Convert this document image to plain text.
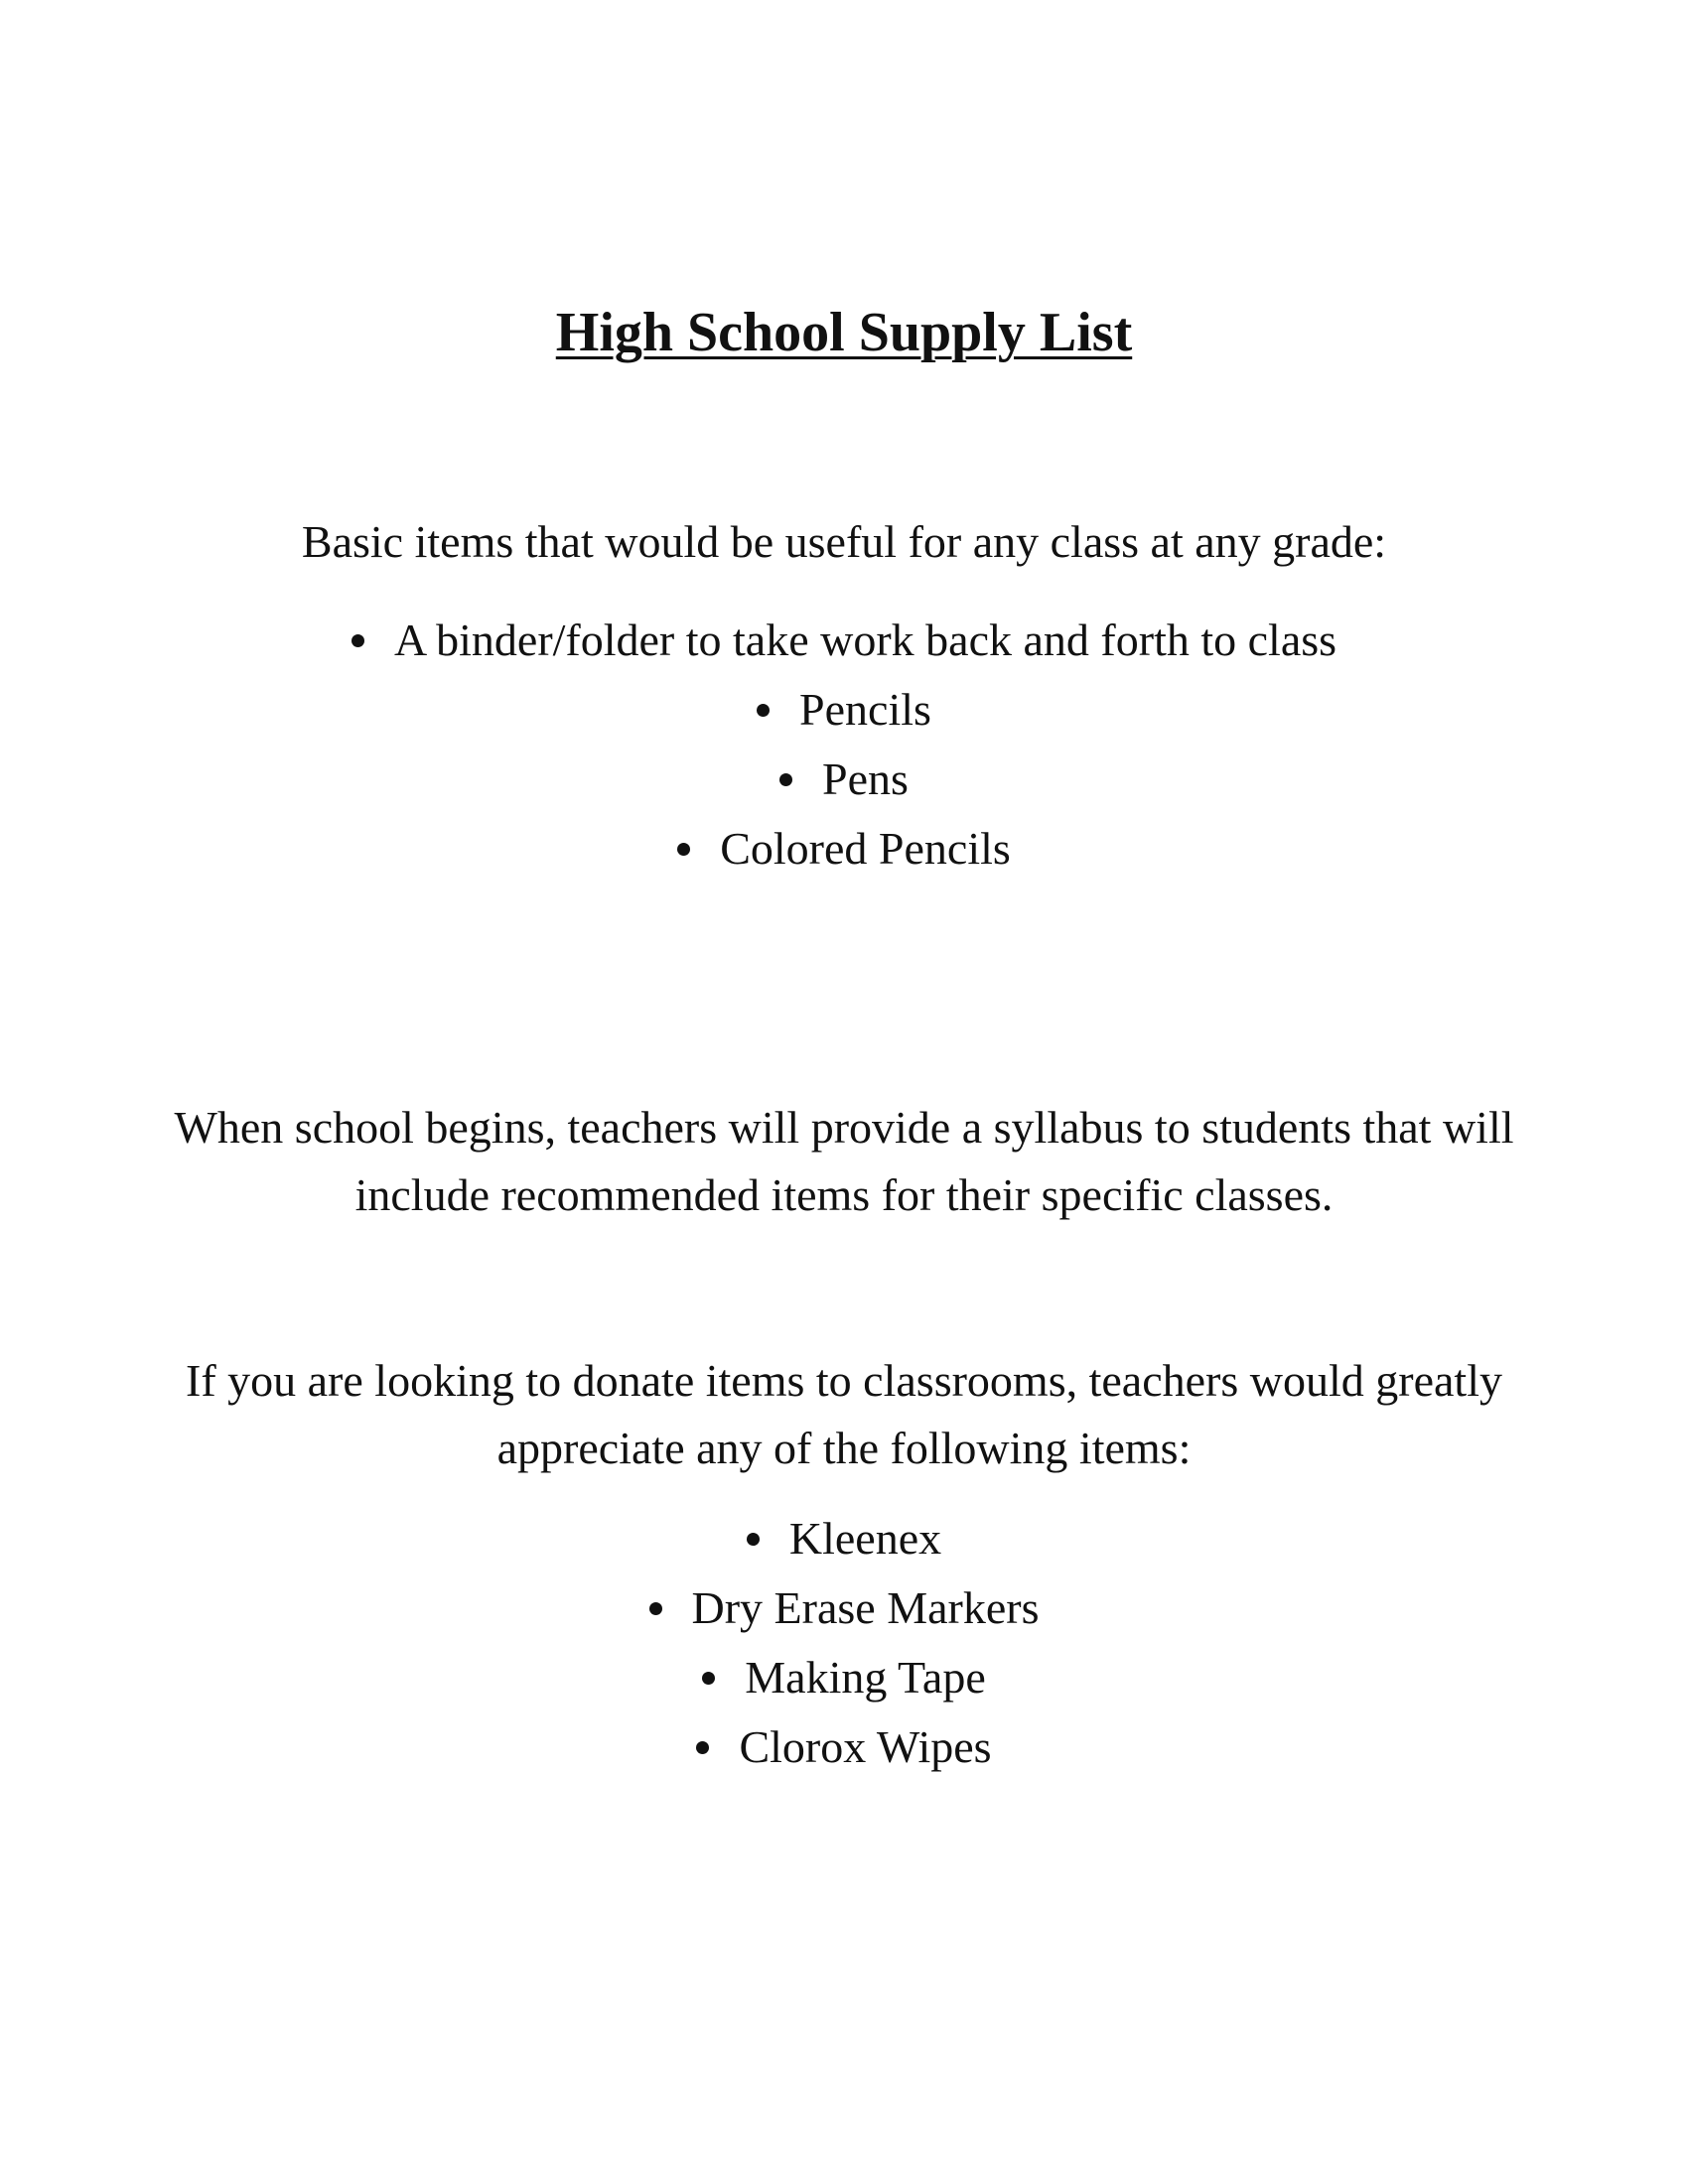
High School Supply List
Basic items that would be useful for any class at any grade:
A binder/folder to take work back and forth to class
Pencils
Pens
Colored Pencils
When school begins, teachers will provide a syllabus to students that will include recommended items for their specific classes.
If you are looking to donate items to classrooms, teachers would greatly appreciate any of the following items:
Kleenex
Dry Erase Markers
Making Tape
Clorox Wipes
